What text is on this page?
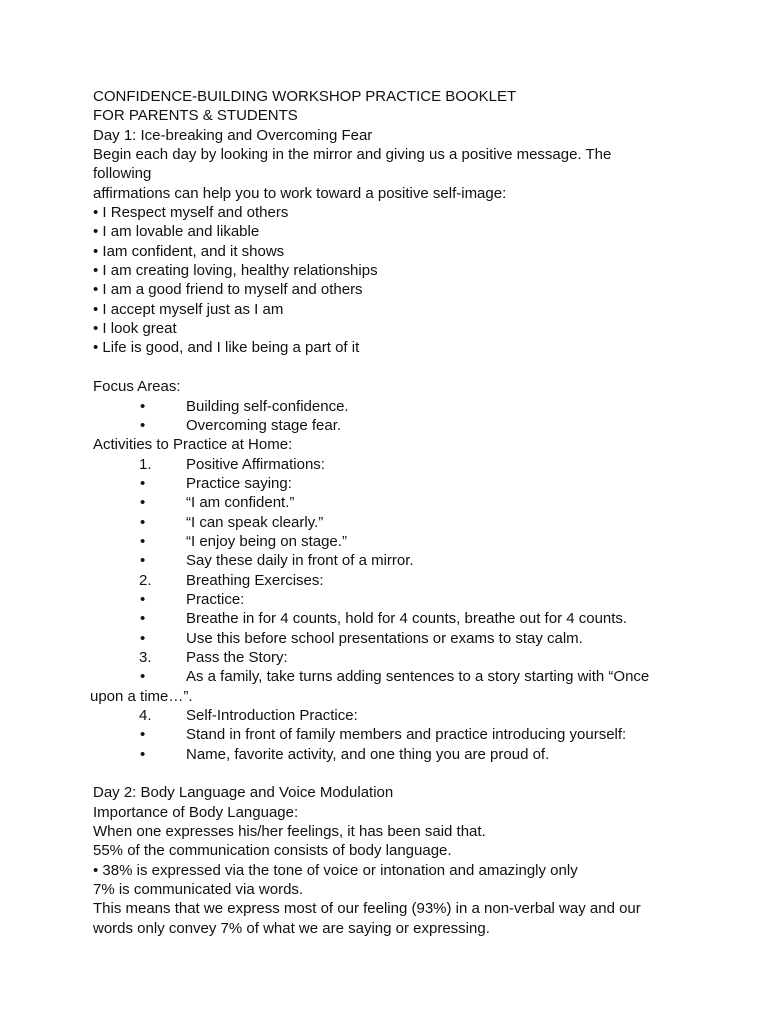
CONFIDENCE-BUILDING WORKSHOP PRACTICE BOOKLET
FOR PARENTS & STUDENTS
Day 1: Ice-breaking and Overcoming Fear
Begin each day by looking in the mirror and giving us a positive message. The
following
affirmations can help you to work toward a positive self-image:
• I Respect myself and others
• I am lovable and likable
• Iam confident, and it shows
• I am creating loving, healthy relationships
• I am a good friend to myself and others
• I accept myself just as I am
• I look great
• Life is good, and I like being a part of it
Focus Areas:
•	Building self-confidence.
•	Overcoming stage fear.
Activities to Practice at Home:
1. Positive Affirmations:
•	Practice saying:
•	“I am confident.”
•	“I can speak clearly.”
•	“I enjoy being on stage.”
•	Say these daily in front of a mirror.
2. Breathing Exercises:
•	Practice:
•	Breathe in for 4 counts, hold for 4 counts, breathe out for 4 counts.
•	Use this before school presentations or exams to stay calm.
3. Pass the Story:
•	As a family, take turns adding sentences to a story starting with “Once
upon a time…”.
4. Self-Introduction Practice:
•	Stand in front of family members and practice introducing yourself:
•	Name, favorite activity, and one thing you are proud of.
Day 2: Body Language and Voice Modulation
Importance of Body Language:
When one expresses his/her feelings, it has been said that.
55% of the communication consists of body language.
• 38% is expressed via the tone of voice or intonation and amazingly only
7% is communicated via words.
This means that we express most of our feeling (93%) in a non-verbal way and our
words only convey 7% of what we are saying or expressing.
